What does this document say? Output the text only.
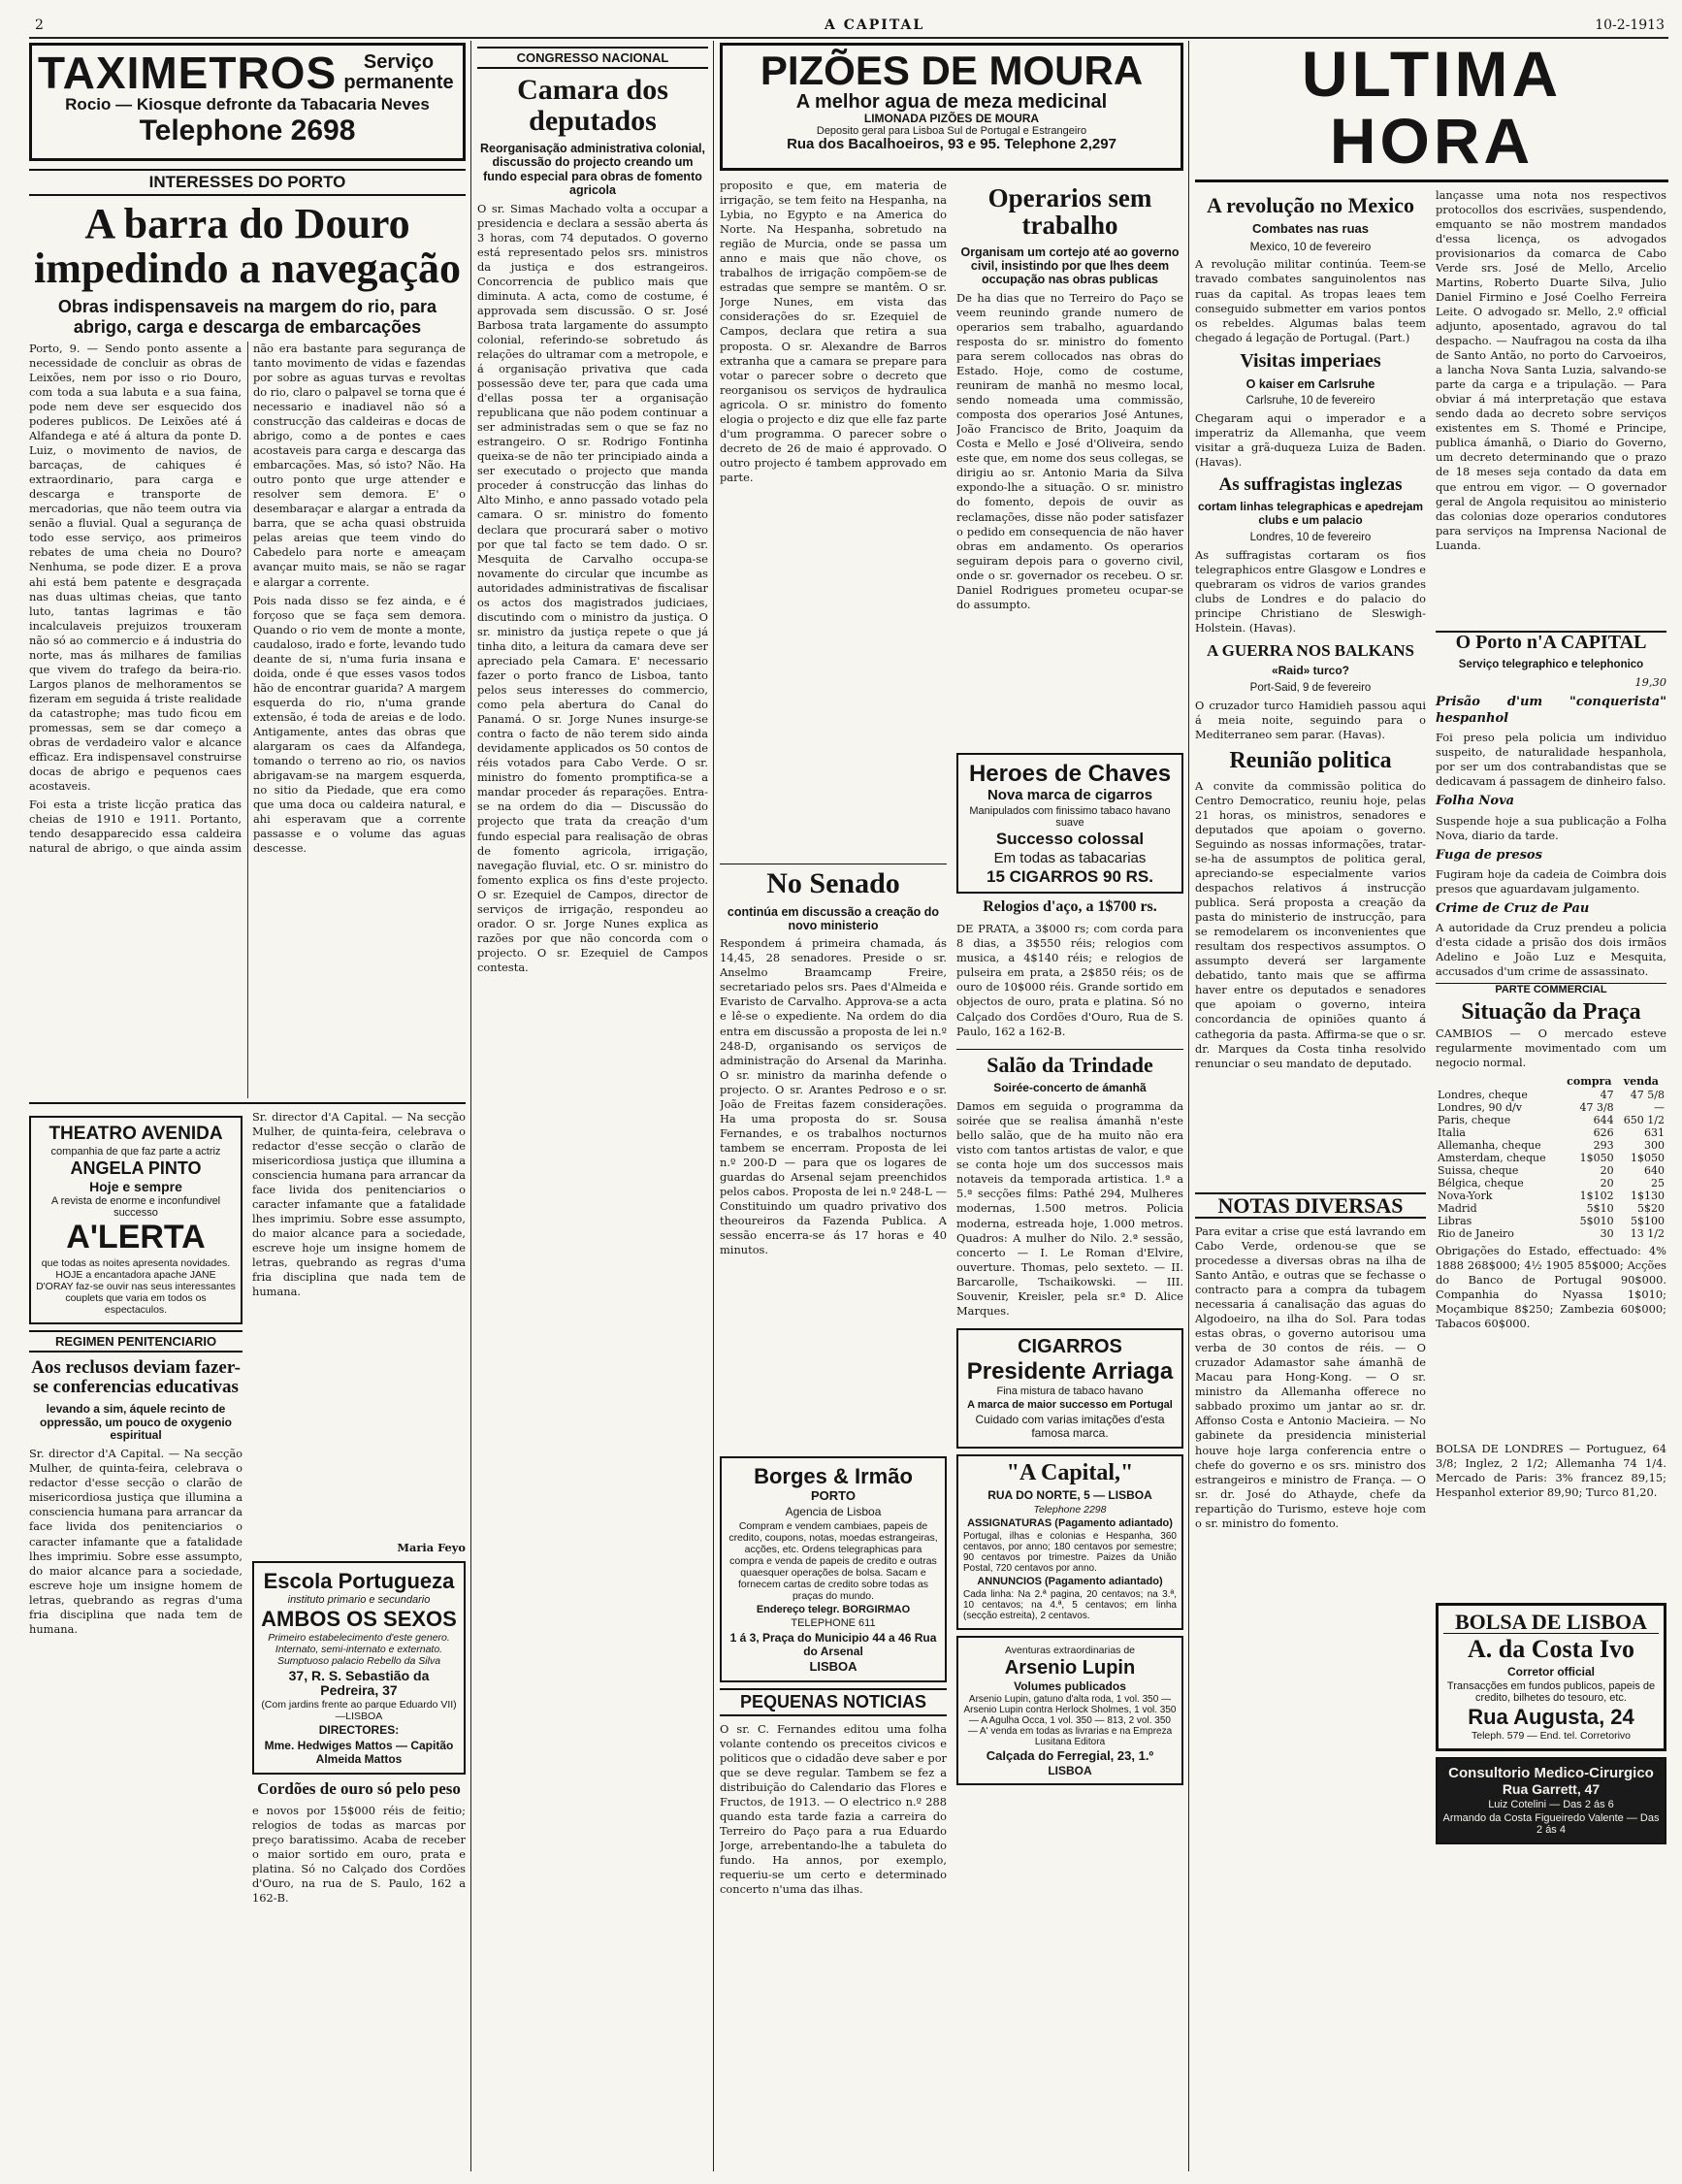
2	A CAPITAL	10-2-1913
TAXIMETROS	Serviço permanente
Rocio — Kiosque defronte da Tabacaria Neves
Telephone 2698
INTERESSES DO PORTO
A barra do Douro impedindo a navegação
Obras indispensaveis na margem do rio, para abrigo, carga e descarga de embarcações

Porto, 9. — Sendo ponto assente a necessidade de concluir as obras de Leixões, nem por isso o rio Douro, com toda a sua labuta e a sua faina, pode nem deve ser esquecido dos poderes publicos. De Leixões até á Alfandega e até á altura da ponte D. Luiz, o movimento de navios, de barcaças, de cahiques é extraordinario, para carga e descarga e transporte de mercadorias, que não teem outra via senão a fluvial. Qual a segurança de todo esse serviço, aos primeiros rebates de uma cheia no Douro? Nenhuma, se pode dizer. E a prova ahi está bem patente e desgraçada nas duas ultimas cheias, que tanto luto, tantas lagrimas e tão incalculaveis prejuizos trouxeram não só ao commercio e á industria do norte, mas ás milhares de familias que vivem do trafego da beira-rio. Largos planos de melhoramentos se fizeram em seguida á triste realidade da catastrophe; mas tudo ficou em promessas, sem se dar começo a obras de verdadeiro valor e alcance efficaz. Era indispensavel construirse docas de abrigo e pequenos caes acostaveis.

Foi esta a triste licção pratica das cheias de 1910 e 1911. Portanto, tendo desapparecido essa caldeira natural de abrigo, o que ainda assim não era bastante para segurança de tanto movimento de vidas e fazendas por sobre as aguas turvas e revoltas do rio, claro o palpavel se torna que é necessario e inadiavel não só a construcção das caldeiras e docas de abrigo, como a de pontes e caes acostaveis para carga e descarga das embarcações. Mas, só isto? Não. Ha outro ponto que urge attender e resolver sem demora. E' o desembaraçar e alargar a entrada da barra, que se acha quasi obstruida pelas areias que teem vindo do Cabedelo para norte e ameaçam avançar muito mais, se não se ragar e alargar a corrente.

Pois nada disso se fez ainda, e é forçoso que se faça sem demora. Quando o rio vem de monte a monte, caudaloso, irado e forte, levando tudo deante de si, n'uma furia insana e doida, onde é que esses vasos todos hão de encontrar guarida? A margem esquerda do rio, n'uma grande extensão, é toda de areias e de lodo. Antigamente, antes das obras que alargaram os caes da Alfandega, tomando o terreno ao rio, os navios abrigavam-se na margem esquerda, no sitio da Piedade, que era como que uma doca ou caldeira natural, e ahi esperavam que a corrente passasse e o volume das aguas descesse.

THEATRO AVENIDA
companhia de que faz parte a actriz
ANGELA PINTO
Hoje e sempre
A revista de enorme e inconfundivel successo
A'LERTA
que todas as noites apresenta novidades. HOJE a encantadora apache JANE D'ORAY faz-se ouvir nas seus interessantes couplets que varia em todos os espectaculos.
REGIMEN PENITENCIARIO
Aos reclusos deviam fazer-se conferencias educativas
levando a sim, áquele recinto de oppressão, um pouco de oxygenio espiritual
Sr. director d'A Capital. — Na secção Mulher, de quinta-feira, celebrava o redactor d'esse secção o clarão de misericordiosa justiça que illumina a consciencia humana para arrancar da face livida dos penitenciarios o caracter infamante que a fatalidade lhes imprimiu. Sobre esse assumpto, do maior alcance para a sociedade, escreve hoje um insigne homem de letras, quebrando as regras d'uma fria disciplina que nada tem de humana.
Sr. director d'A Capital. — Na secção Mulher, de quinta-feira, celebrava o redactor d'esse secção o clarão de misericordiosa justiça que illumina a consciencia humana para arrancar da face livida dos penitenciarios o caracter infamante que a fatalidade lhes imprimiu. Sobre esse assumpto, do maior alcance para a sociedade, escreve hoje um insigne homem de letras, quebrando as regras d'uma fria disciplina que nada tem de humana.
Maria Feyo
Escola Portugueza
instituto primario e secundario
AMBOS OS SEXOS
Primeiro estabelecimento d'este genero. Internato, semi-internato e externato. Sumptuoso palacio Rebello da Silva
37, R. S. Sebastião da Pedreira, 37
(Com jardins frente ao parque Eduardo VII)—LISBOA
DIRECTORES:
Mme. Hedwiges Mattos — Capitão Almeida Mattos
Cordões de ouro só pelo peso
e novos por 15$000 réis de feitio; relogios de todas as marcas por preço baratissimo. Acaba de receber o maior sortido em ouro, prata e platina. Só no Calçado dos Cordões d'Ouro, na rua de S. Paulo, 162 a 162-B.
CONGRESSO NACIONAL
Camara dos deputados
Reorganisação administrativa colonial, discussão do projecto creando um fundo especial para obras de fomento agricola
O sr. Simas Machado volta a occupar a presidencia e declara a sessão aberta ás 3 horas, com 74 deputados. O governo está representado pelos srs. ministros da justiça e dos estrangeiros. Concorrencia de publico mais que diminuta. A acta, como de costume, é approvada sem discussão. O sr. José Barbosa trata largamente do assumpto colonial, referindo-se sobretudo ás relações do ultramar com a metropole, e á organisação privativa que cada possessão deve ter, para que cada uma d'ellas possa ter a organisação republicana que não podem continuar a ser administradas sem o que se faz no estrangeiro. O sr. Rodrigo Fontinha queixa-se de não ter principiado ainda a ser executado o projecto que manda proceder á construcção das linhas do Alto Minho, e anno passado votado pela camara. O sr. ministro do fomento declara que procurará saber o motivo por que tal facto se tem dado. O sr. Mesquita de Carvalho occupa-se novamente do circular que incumbe as autoridades administrativas de fiscalisar os actos dos magistrados judiciaes, discutindo com o ministro da justiça. O sr. ministro da justiça repete o que já tinha dito, a leitura da camara deve ser apreciado pela Camara. E' necessario fazer o porto franco de Lisboa, tanto pelos seus interesses do commercio, como pela abertura do Canal do Panamá. O sr. Jorge Nunes insurge-se contra o facto de não terem sido ainda devidamente applicados os 50 contos de réis votados para Cabo Verde. O sr. ministro do fomento promptifica-se a mandar proceder ás reparações. Entra-se na ordem do dia — Discussão do projecto que trata da creação d'um fundo especial para realisação de obras de fomento agricola, irrigação, navegação fluvial, etc. O sr. ministro do fomento explica os fins d'este projecto. O sr. Ezequiel de Campos, director de serviços de irrigação, respondeu ao orador. O sr. Jorge Nunes explica as razões por que não concorda com o projecto. O sr. Ezequiel de Campos contesta.
PIZÕES DE MOURA
A melhor agua de meza medicinal
LIMONADA PIZÕES DE MOURA
Deposito geral para Lisboa Sul de Portugal e Estrangeiro
Rua dos Bacalhoeiros, 93 e 95. Telephone 2,297
proposito e que, em materia de irrigação, se tem feito na Hespanha, na Lybia, no Egypto e na America do Norte. Na Hespanha, sobretudo na região de Murcia, onde se passa um anno e mais que não chove, os trabalhos de irrigação compõem-se de estradas que sempre se mantêm. O sr. Jorge Nunes, em vista das considerações do sr. Ezequiel de Campos, declara que retira a sua proposta. O sr. Alexandre de Barros extranha que a camara se prepare para votar o parecer sobre o decreto que reorganisou os serviços de hydraulica agricola. O sr. ministro do fomento elogia o projecto e diz que elle faz parte d'um programma. O parecer sobre o decreto de 26 de maio é approvado. O outro projecto é tambem approvado em parte.
No Senado
continúa em discussão a creação do novo ministerio
Respondem á primeira chamada, ás 14,45, 28 senadores. Preside o sr. Anselmo Braamcamp Freire, secretariado pelos srs. Paes d'Almeida e Evaristo de Carvalho. Approva-se a acta e lê-se o expediente. Na ordem do dia entra em discussão a proposta de lei n.º 248-D, organisando os serviços de administração do Arsenal da Marinha. O sr. ministro da marinha defende o projecto. O sr. Arantes Pedroso e o sr. João de Freitas fazem considerações. Ha uma proposta do sr. Sousa Fernandes, e os trabalhos nocturnos tambem se encerram. Proposta de lei n.º 200-D — para que os logares de guardas do Arsenal sejam preenchidos pelos cabos. Proposta de lei n.º 248-L — Constituindo um quadro privativo dos theoureiros da Fazenda Publica. A sessão encerra-se ás 17 horas e 40 minutos.
Borges & Irmão
PORTO
Agencia de Lisboa
Compram e vendem cambiaes, papeis de credito, coupons, notas, moedas estrangeiras, acções, etc. Ordens telegraphicas para compra e venda de papeis de credito e outras quaesquer operações de bolsa. Sacam e fornecem cartas de credito sobre todas as praças do mundo.
Endereço telegr. BORGIRMAO
TELEPHONE 611
1 á 3, Praça do Municipio 44 a 46 Rua do Arsenal
LISBOA
PEQUENAS NOTICIAS
O sr. C. Fernandes editou uma folha volante contendo os preceitos civicos e politicos que o cidadão deve saber e por que se deve regular. Tambem se fez a distribuição do Calendario das Flores e Fructos, de 1913. — O electrico n.º 288 quando esta tarde fazia a carreira do Terreiro do Paço para a rua Eduardo Jorge, arrebentando-lhe a tabuleta do fundo. Ha annos, por exemplo, requeriu-se um certo e determinado concerto n'uma das ilhas.
Operarios sem trabalho
Organisam um cortejo até ao governo civil, insistindo por que lhes deem occupação nas obras publicas
De ha dias que no Terreiro do Paço se veem reunindo grande numero de operarios sem trabalho, aguardando resposta do sr. ministro do fomento para serem collocados nas obras do Estado. Hoje, como de costume, reuniram de manhã no mesmo local, sendo nomeada uma commissão, composta dos operarios José Antunes, João Francisco de Brito, Joaquim da Costa e Mello e José d'Oliveira, sendo este que, em nome dos seus collegas, se dirigiu ao sr. Antonio Maria da Silva expondo-lhe a situação. O sr. ministro do fomento, depois de ouvir as reclamações, disse não poder satisfazer o pedido em consequencia de não haver obras em andamento. Os operarios seguiram depois para o governo civil, onde o sr. governador os recebeu. O sr. Daniel Rodrigues prometeu ocupar-se do assumpto.
Heroes de Chaves
Nova marca de cigarros
Manipulados com finissimo tabaco havano suave
Successo colossal
Em todas as tabacarias
15 CIGARROS 90 RS.
Relogios d'aço, a 1$700 rs.
DE PRATA, a 3$000 rs; com corda para 8 dias, a 3$550 réis; relogios com musica, a 4$140 réis; e relogios de pulseira em prata, a 2$850 réis; os de ouro de 10$000 réis. Grande sortido em objectos de ouro, prata e platina. Só no Calçado dos Cordões d'Ouro, Rua de S. Paulo, 162 a 162-B.
Salão da Trindade
Soirée-concerto de ámanhã
Damos em seguida o programma da soirée que se realisa ámanhã n'este bello salão, que de ha muito não era visto com tantos artistas de valor, e que se conta hoje um dos successos mais notaveis da temporada artistica. 1.ª a 5.ª secções films: Pathé 294, Mulheres modernas, 1.500 metros. Policia moderna, estreada hoje, 1.000 metros. Quadros: A mulher do Nilo. 2.ª sessão, concerto — I. Le Roman d'Elvire, ouverture. Thomas, pelo sexteto. — II. Barcarolle, Tschaikowski. — III. Souvenir, Kreisler, pela sr.ª D. Alice Marques.
CIGARROS
Presidente Arriaga
Fina mistura de tabaco havano
A marca de maior successo em Portugal
Cuidado com varias imitações d'esta famosa marca.
"A Capital,"
RUA DO NORTE, 5 — LISBOA
Telephone 2298
ASSIGNATURAS (Pagamento adiantado)
Portugal, ilhas e colonias e Hespanha, 360 centavos, por anno; 180 centavos por semestre; 90 centavos por trimestre. Paizes da União Postal, 720 centavos por anno.
ANNUNCIOS (Pagamento adiantado)
Cada linha: Na 2.ª pagina, 20 centavos; na 3.ª, 10 centavos; na 4.ª, 5 centavos; em linha (secção estreita), 2 centavos.
Aventuras extraordinarias de
Arsenio Lupin
Volumes publicados
Arsenio Lupin, gatuno d'alta roda, 1 vol. 350 — Arsenio Lupin contra Herlock Sholmes, 1 vol. 350 — A Agulha Occa, 1 vol. 350 — 813, 2 vol. 350 — A' venda em todas as livrarias e na Empreza Lusitana Editora
Calçada do Ferregial, 23, 1.º
LISBOA
ULTIMA HORA
A revolução no Mexico
Combates nas ruas
Mexico, 10 de fevereiro
A revolução militar continúa. Teem-se travado combates sanguinolentos nas ruas da capital. As tropas leaes tem conseguido submetter em varios pontos os rebeldes. Algumas balas teem chegado á legação de Portugal. (Part.)
Visitas imperiaes
O kaiser em Carlsruhe
Carlsruhe, 10 de fevereiro
Chegaram aqui o imperador e a imperatriz da Allemanha, que veem visitar a grã-duqueza Luiza de Baden. (Havas).
As suffragistas inglezas
cortam linhas telegraphicas e apedrejam clubs e um palacio
Londres, 10 de fevereiro
As suffragistas cortaram os fios telegraphicos entre Glasgow e Londres e quebraram os vidros de varios grandes clubs de Londres e do palacio do principe Christiano de Sleswigh-Holstein. (Havas).
A GUERRA NOS BALKANS
«Raid» turco?
Port-Said, 9 de fevereiro
O cruzador turco Hamidieh passou aqui á meia noite, seguindo para o Mediterraneo sem parar. (Havas).
Reunião politica
A convite da commissão politica do Centro Democratico, reuniu hoje, pelas 21 horas, os ministros, senadores e deputados que apoiam o governo. Seguindo as nossas informações, tratar-se-ha de assumptos de politica geral, apreciando-se especialmente varios despachos relativos á instrucção publica. Será proposta a creação da pasta do ministerio de instrucção, para se remodelarem os inconvenientes que resultam dos respectivos assumptos. O assumpto deverá ser largamente debatido, tanto mais que se affirma haver entre os deputados e senadores que apoiam o governo, inteira concordancia de opiniões quanto á cathegoria da pasta. Affirma-se que o sr. dr. Marques da Costa tinha resolvido renunciar o seu mandato de deputado.
NOTAS DIVERSAS
Para evitar a crise que está lavrando em Cabo Verde, ordenou-se que se procedesse a diversas obras na ilha de Santo Antão, e outras que se fechasse o contracto para a compra da tubagem necessaria á canalisação das aguas do Algodoeiro, na ilha do Sol. Para todas estas obras, o governo autorisou uma verba de 30 contos de réis. — O cruzador Adamastor sahe ámanhã de Macau para Hong-Kong. — O sr. ministro da Allemanha offerece no sabbado proximo um jantar ao sr. dr. Affonso Costa e Antonio Macieira. — No gabinete da presidencia ministerial houve hoje larga conferencia entre o chefe do governo e os srs. ministro dos estrangeiros e ministro de França. — O sr. dr. José do Athayde, chefe da repartição do Turismo, esteve hoje com o sr. ministro do fomento.
lançasse uma nota nos respectivos protocollos dos escrivães, suspendendo, emquanto se não mostrem mandados d'essa licença, os advogados provisionarios da comarca de Cabo Verde srs. José de Mello, Arcelio Martins, Roberto Duarte Silva, Julio Daniel Firmino e José Coelho Ferreira Leite. O advogado sr. Mello, 2.º official adjunto, aposentado, agravou do tal despacho. — Naufragou na costa da ilha de Santo Antão, no porto do Carvoeiros, a lancha Nova Santa Luzia, salvando-se parte da carga e a tripulação. — Para obviar á má interpretação que estava sendo dada ao decreto sobre serviços existentes em S. Thomé e Principe, publica ámanhã, o Diario do Governo, um decreto determinando que o prazo de 18 meses seja contado da data em que entrou em vigor. — O governador geral de Angola requisitou ao ministerio das colonias doze operarios condutores para serviços na Imprensa Nacional de Luanda.
O Porto n'A CAPITAL
Serviço telegraphico e telephonico
19,30
Prisão d'um "conquerista" hespanhol
Foi preso pela policia um individuo suspeito, de naturalidade hespanhola, por ser um dos contrabandistas que se dedicavam á passagem de dinheiro falso.
Folha Nova
Suspende hoje a sua publicação a Folha Nova, diario da tarde.
Fuga de presos
Fugiram hoje da cadeia de Coimbra dois presos que aguardavam julgamento.
Crime de Cruz de Pau
A autoridade da Cruz prendeu a policia d'esta cidade a prisão dos dois irmãos Adelino e João Luz e Mesquita, accusados d'um crime de assassinato.
PARTE COMMERCIAL
Situação da Praça
CAMBIOS — O mercado esteve regularmente movimentado com um negocio normal.
	compra	venda
Londres, cheque	47	47 5/8
Londres, 90 d/v	47 3/8	—
Paris, cheque	644	650 1/2
Italia	626	631
Allemanha, cheque	293	300
Amsterdam, cheque	1$050	1$050
Suissa, cheque	20	640
Bélgica, cheque	20	25
Nova-York	1$102	1$130
Madrid	5$10	5$20
Libras	5$010	5$100
Rio de Janeiro	30	13 1/2
Obrigações do Estado, effectuado: 4% 1888 268$000; 4½ 1905 85$000; Acções do Banco de Portugal 90$000. Companhia do Nyassa 1$010; Moçambique 8$250; Zambezia 60$000; Tabacos 60$000.
BOLSA DE LONDRES — Portuguez, 64 3/8; Inglez, 2 1/2; Allemanha 74 1/4. Mercado de Paris: 3% francez 89,15; Hespanhol exterior 89,90; Turco 81,20.
BOLSA DE LISBOA
A. da Costa Ivo
Corretor official
Transacções em fundos publicos, papeis de credito, bilhetes do tesouro, etc.
Rua Augusta, 24
Teleph. 579 — End. tel. Corretorivo
Consultorio Medico-Cirurgico
Rua Garrett, 47
Luiz Cotelini — Das 2 ás 6
Armando da Costa Figueiredo Valente — Das 2 ás 4
